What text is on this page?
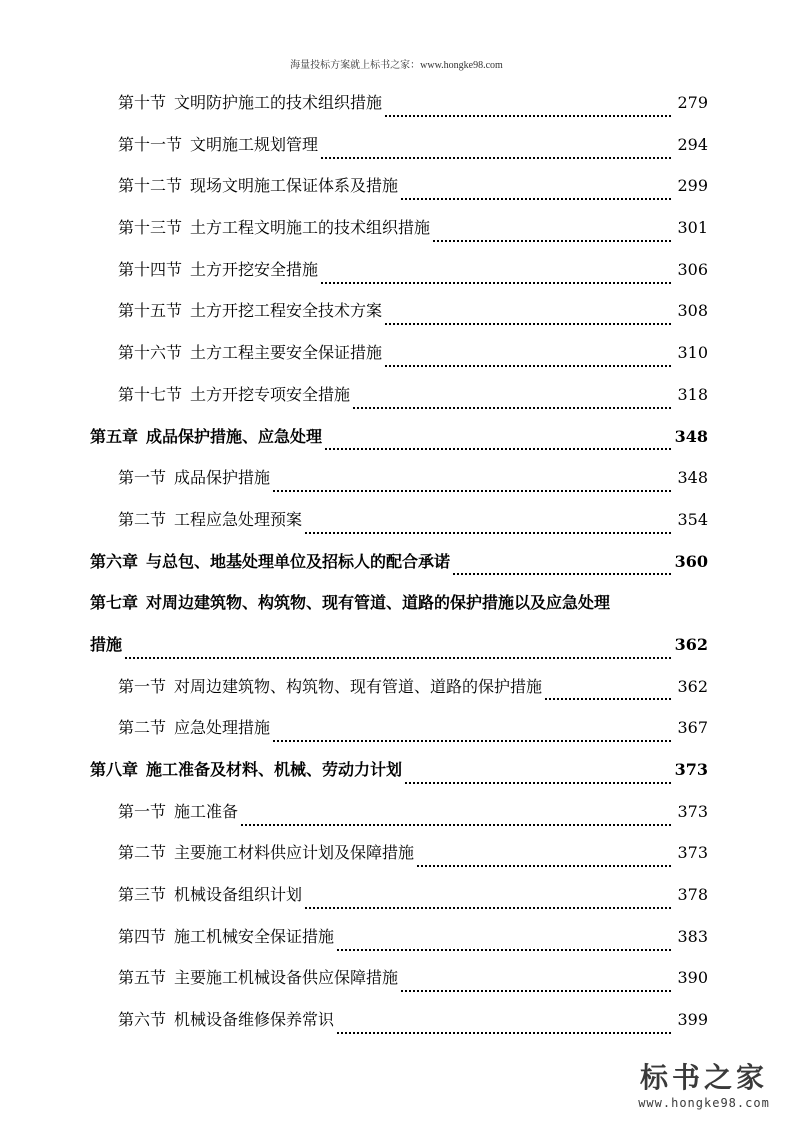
海量投标方案就上标书之家：www.hongke98.com
第十节 文明防护施工的技术组织措施	279
第十一节 文明施工规划管理	294
第十二节 现场文明施工保证体系及措施	299
第十三节 土方工程文明施工的技术组织措施	301
第十四节 土方开挖安全措施	306
第十五节 土方开挖工程安全技术方案	308
第十六节 土方工程主要安全保证措施	310
第十七节 土方开挖专项安全措施	318
第五章 成品保护措施、应急处理	348
第一节 成品保护措施	348
第二节 工程应急处理预案	354
第六章 与总包、地基处理单位及招标人的配合承诺	360
第七章 对周边建筑物、构筑物、现有管道、道路的保护措施以及应急处理
措施	362
第一节 对周边建筑物、构筑物、现有管道、道路的保护措施	362
第二节 应急处理措施	367
第八章 施工准备及材料、机械、劳动力计划	373
第一节 施工准备	373
第二节 主要施工材料供应计划及保障措施	373
第三节 机械设备组织计划	378
第四节 施工机械安全保证措施	383
第五节 主要施工机械设备供应保障措施	390
第六节 机械设备维修保养常识	399
标书之家
www.hongke98.com
